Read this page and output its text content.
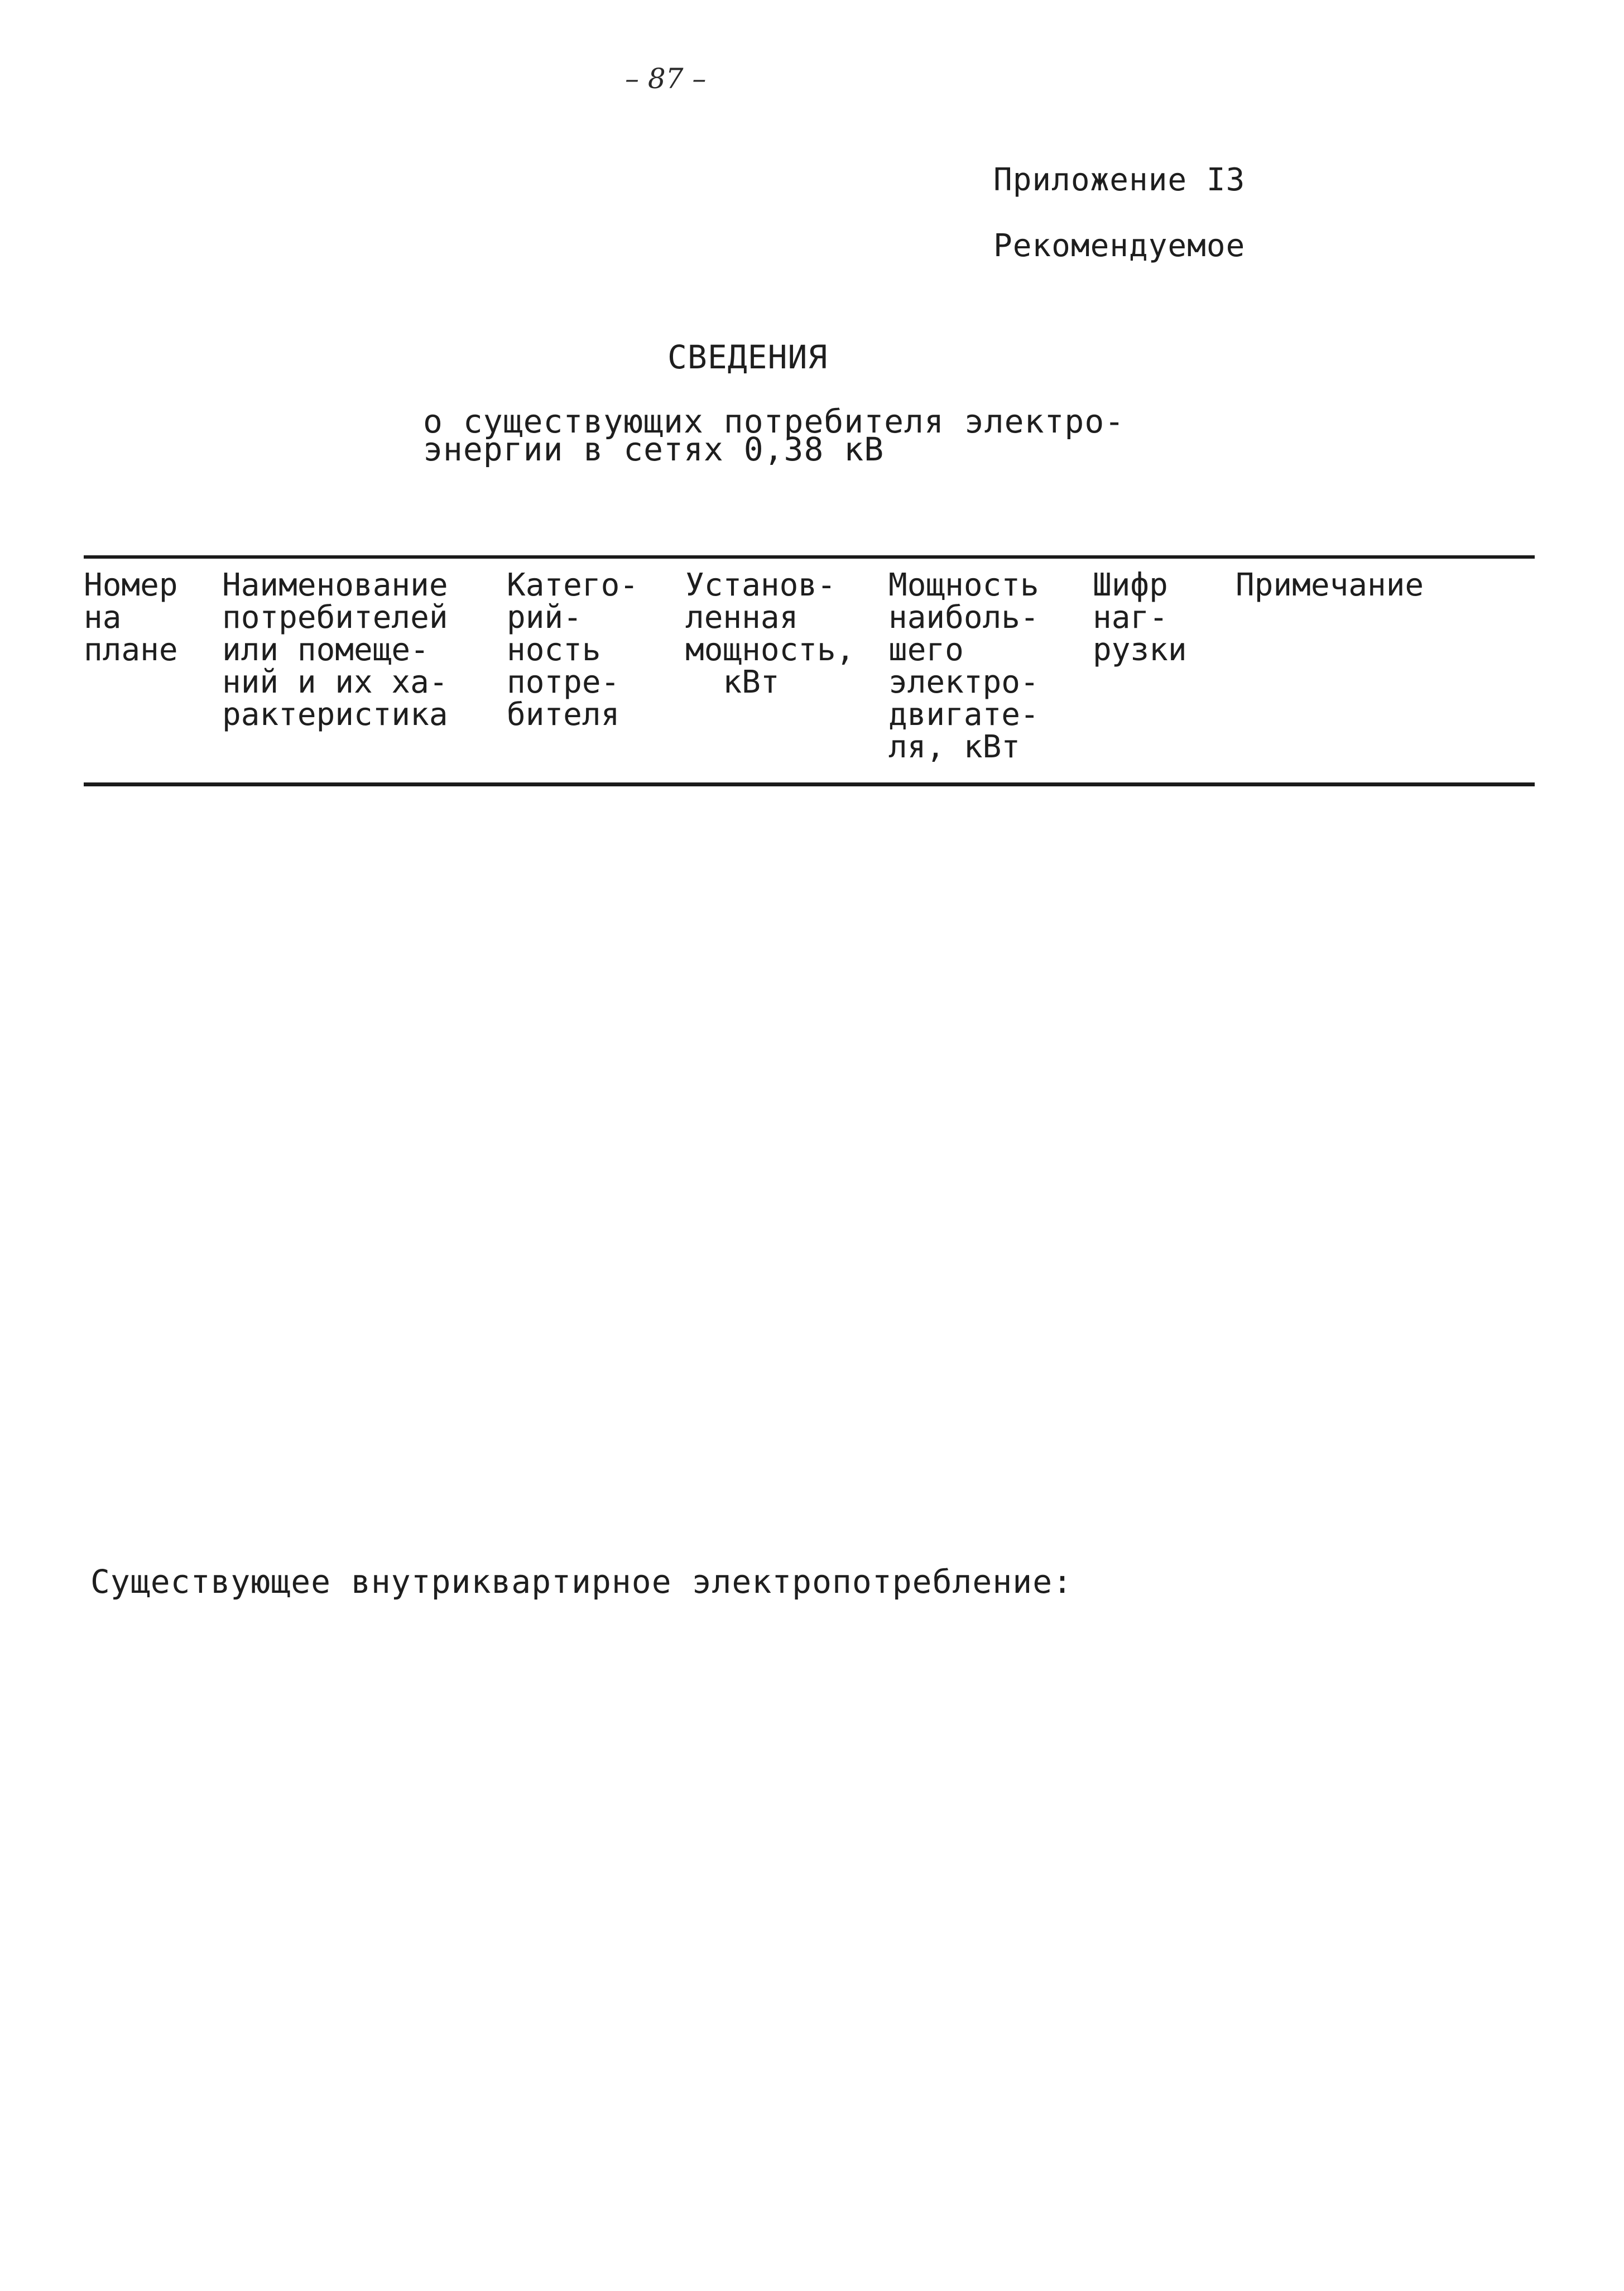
– 87 –
Приложение I3
Рекомендуемое
СВЕДЕНИЯ
о существующих потребителя электро-
энергии в сетях 0,38 кВ
Номер
на
плане
Наименование
потребителей
или помеще-
ний и их ха-
рактеристика
Катего-
рий-
ность
потре-
бителя
Установ-
ленная
мощность,
кВт
Мощность
наиболь-
шего
электро-
двигате-
ля, кВт
Шифр
наг-
рузки
Примечание
Существующее внутриквартирное электропотребление:
